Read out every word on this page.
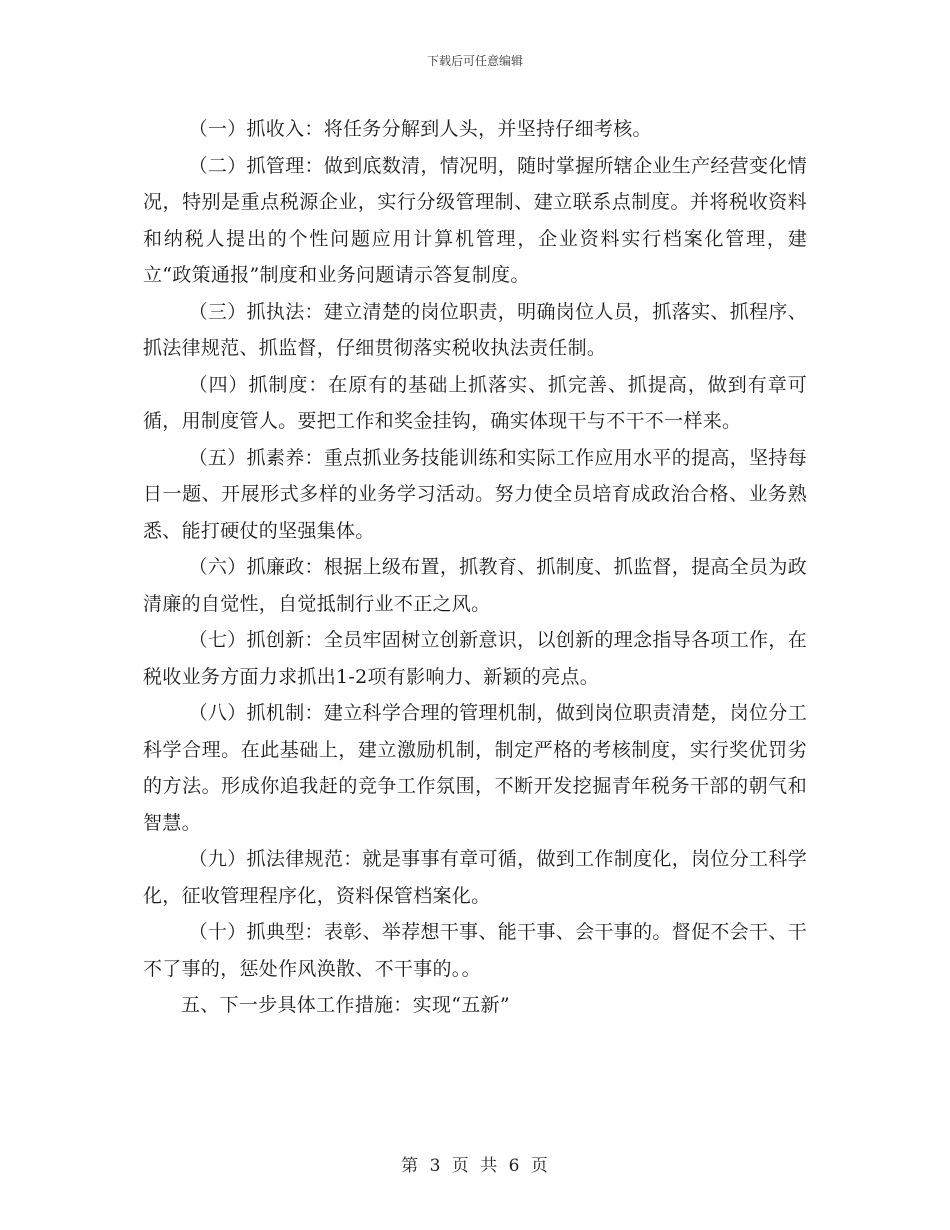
下载后可任意编辑

（一）抓收入：将任务分解到人头，并坚持仔细考核。

（二）抓管理：做到底数清，情况明，随时掌握所辖企业生产经营变化情况，特别是重点税源企业，实行分级管理制、建立联系点制度。并将税收资料和纳税人提出的个性问题应用计算机管理，企业资料实行档案化管理，建立“政策通报”制度和业务问题请示答复制度。

（三）抓执法：建立清楚的岗位职责，明确岗位人员，抓落实、抓程序、抓法律规范、抓监督，仔细贯彻落实税收执法责任制。

（四）抓制度：在原有的基础上抓落实、抓完善、抓提高，做到有章可循，用制度管人。要把工作和奖金挂钩，确实体现干与不干不一样来。

（五）抓素养：重点抓业务技能训练和实际工作应用水平的提高，坚持每日一题、开展形式多样的业务学习活动。努力使全员培育成政治合格、业务熟悉、能打硬仗的坚强集体。

（六）抓廉政：根据上级布置，抓教育、抓制度、抓监督，提高全员为政清廉的自觉性，自觉抵制行业不正之风。

（七）抓创新：全员牢固树立创新意识，以创新的理念指导各项工作，在税收业务方面力求抓出1-2项有影响力、新颖的亮点。

（八）抓机制：建立科学合理的管理机制，做到岗位职责清楚，岗位分工科学合理。在此基础上，建立激励机制，制定严格的考核制度，实行奖优罚劣的方法。形成你追我赶的竞争工作氛围，不断开发挖掘青年税务干部的朝气和智慧。

（九）抓法律规范：就是事事有章可循，做到工作制度化，岗位分工科学化，征收管理程序化，资料保管档案化。

（十）抓典型：表彰、举荐想干事、能干事、会干事的。督促不会干、干不了事的，惩处作风涣散、不干事的。。

五、下一步具体工作措施：实现“五新”

第 3 页 共 6 页
